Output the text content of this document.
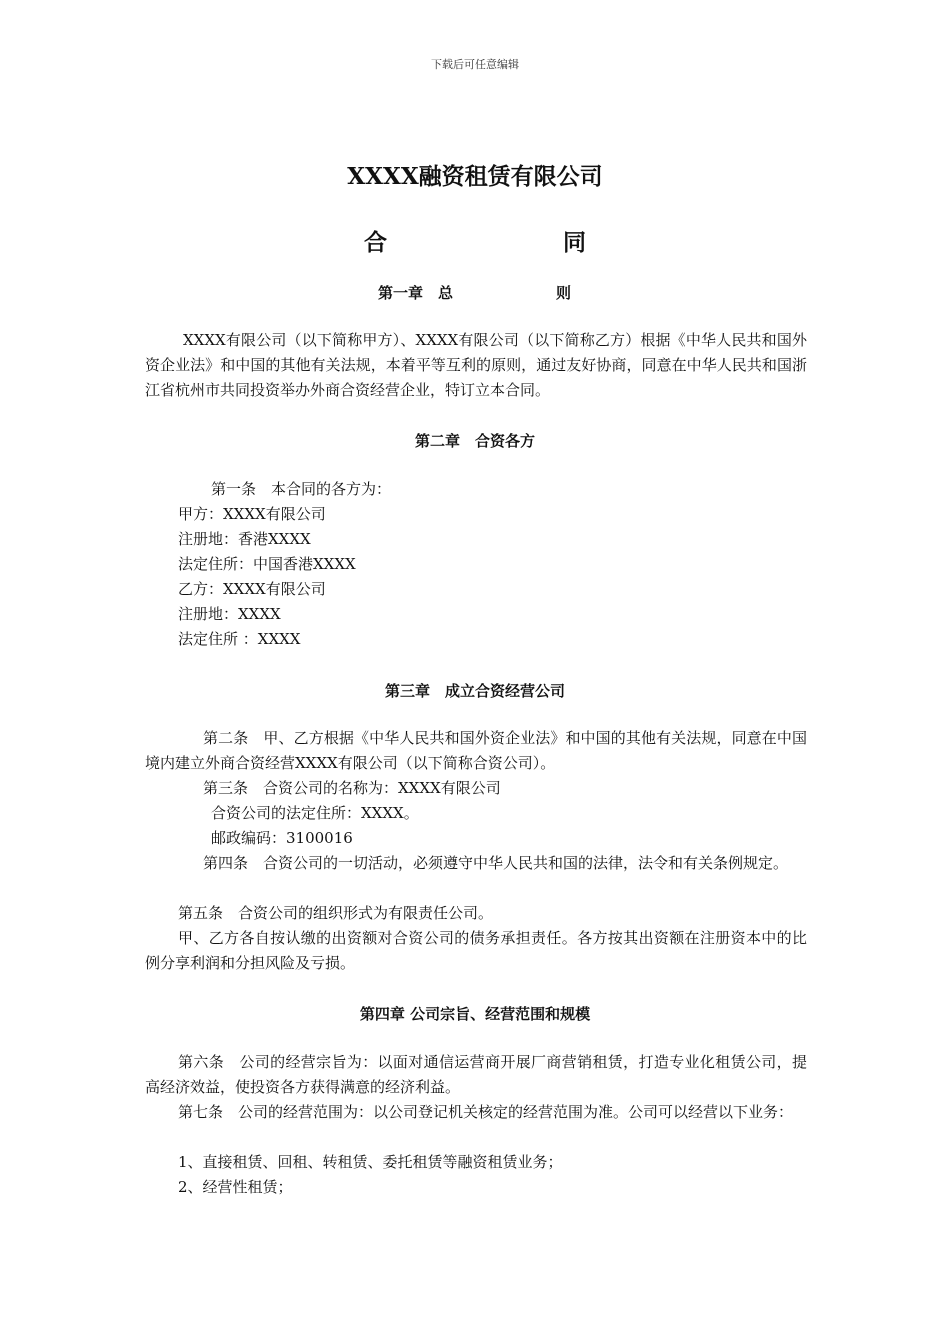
下载后可任意编辑
XXXX融资租赁有限公司
合	同
第一章　总	则
XXXX有限公司（以下简称甲方）、XXXX有限公司（以下简称乙方）根据《中华人民共和国外资企业法》和中国的其他有关法规，本着平等互利的原则，通过友好协商，同意在中华人民共和国浙江省杭州市共同投资举办外商合资经营企业，特订立本合同。
第二章　合资各方
第一条　本合同的各方为：
甲方：XXXX有限公司
注册地：香港XXXX
法定住所：中国香港XXXX
乙方：XXXX有限公司
注册地：XXXX
法定住所 ：XXXX
第三章　成立合资经营公司
第二条　甲、乙方根据《中华人民共和国外资企业法》和中国的其他有关法规，同意在中国境内建立外商合资经营XXXX有限公司（以下简称合资公司）。
第三条　合资公司的名称为：XXXX有限公司
合资公司的法定住所：XXXX。
邮政编码：3100016
第四条　合资公司的一切活动，必须遵守中华人民共和国的法律，法令和有关条例规定。
第五条　合资公司的组织形式为有限责任公司。
甲、乙方各自按认缴的出资额对合资公司的债务承担责任。各方按其出资额在注册资本中的比例分享利润和分担风险及亏损。
第四章 公司宗旨、经营范围和规模
第六条　公司的经营宗旨为：以面对通信运营商开展厂商营销租赁，打造专业化租赁公司，提高经济效益，使投资各方获得满意的经济利益。
第七条　公司的经营范围为：以公司登记机关核定的经营范围为准。公司可以经营以下业务：
1、直接租赁、回租、转租赁、委托租赁等融资租赁业务；
2、经营性租赁；
